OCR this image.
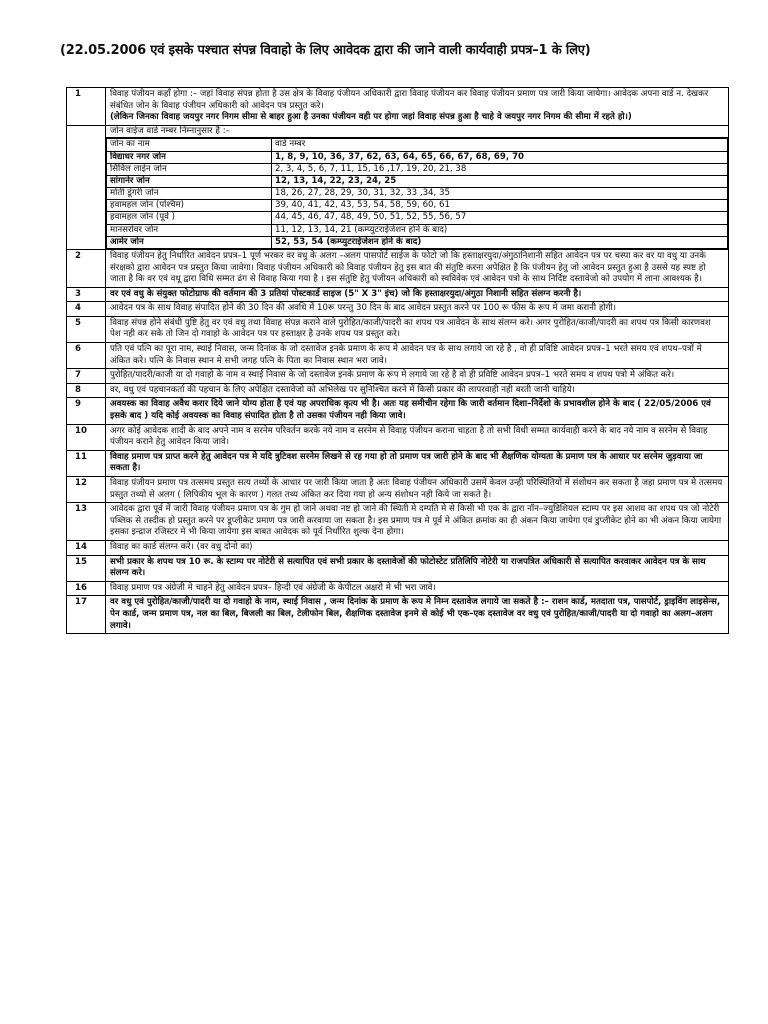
(22.05.2006 एवं इसके पश्चात संपन्न विवाहो के लिए आवेदक द्वारा की जाने वाली कार्यवाही प्रपत्र–1 के लिए)
1	विवाह पंजीयन कहाँ होगा :– जहां विवाह संपन्न होता है उस क्षेत्र के विवाह पंजीयन अधिकारी द्वारा विवाह पंजीयन कर विवाह पंजीयन प्रमाण पत्र जारी किया जायेगा। आवेदक अपना वार्ड न. देखकर संबंधित जोन के विवाह पंजीयन अधिकारी को आवेदन पत्र प्रस्तुत करे।
(लेकिन जिनका विवाह जयपुर नगर निगम सीमा से बाहर हुआ है उनका पंजीयन वही पर होगा जहां विवाह संपन्न हुआ है चाहे वे जयपुर नगर निगम की सीमा में रहते हो।)

जोन वाईज वार्ड नम्बर निम्नानुसार है :–
जोन का नाम	वार्ड नम्बर
विद्याधर नगर जोन	1, 8, 9, 10, 36, 37, 62, 63, 64, 65, 66, 67, 68, 69, 70
सिविल लाईन जोन	2, 3, 4, 5, 6, 7, 11, 15, 16 ,17, 19, 20, 21, 38
सांगानेर जोन	12, 13, 14, 22, 23, 24, 25
मोती डूंगरी जोन	18, 26, 27, 28, 29, 30, 31, 32, 33 ,34, 35
हवामहल जोन (पश्चिम)	39, 40, 41, 42, 43, 53, 54, 58, 59, 60, 61
हवामहल जोन (पूर्व )	44, 45, 46, 47, 48, 49, 50, 51, 52, 55, 56, 57
मानसरोवर जोन	11, 12, 13, 14, 21 (कम्प्युटराईजेशन होने के बाद)
आमेर जोन	52, 53, 54 (कम्प्युटराईजेशन होने के बाद)

2	विवाह पंजीयन हेतु निर्धारित आवेदन प्रपत्र–1 पूर्ण भरकर वर वधु के अलग –अलग पासपोर्ट साईज के फोटो जो कि हस्ताक्षरयुदा/अंगुठानिशानी सहित आवेदन पत्र पर चस्पा कर वर या वधु या उनके संरक्षको द्वारा आवेदन पत्र प्रस्तुत किया जावेगा। विवाह पंजीयन अधिकारी को विवाह पंजीयन हेतु इस बात की संतुष्टि करना अपेक्षित है कि पंजीयन हेतु जो आवेदन प्रस्तुत हुआ है उससे यह स्पष्ट हो जाता है कि वर एवं वधू द्वारा विधि सम्मत ढंग से विवाह किया गया है । इस संतुष्टि हेतु पंजीयन अधिकारी को स्वविवेक एवं आवेदन पत्रो के साथ निर्दिष्ट दस्तावेजो को उपयोग में लाना आवश्यक है।
3	वर एवं वधु के संयुक्त फोटोग्राफ की वर्तमान की 3 प्रतियां पोस्टकार्ड साइज (5" X 3" इंच) जो कि हस्ताक्षरयुदा/अंगुठा निशानी सहित संलग्न करनी है।
4	आवेदन पत्र के साथ विवाह संपादित होने की 30 दिन की अवधि में 10रू परन्तु 30 दिन के बाद आवेदन प्रस्तुत करने पर 100 रू फीस के रूप मे जमा करानी होगी।
5	विवाह संपन्न होने संबंधी पुष्टि हेतु वर एवं वधु तथा विवाह संपन्न कराने वाले पुरोहित/काजी/पादरी का शपथ पत्र आवेदन के साथ संलग्न करे। अगर पुरोहित/काजी/पादरी का शपथ पत्र किसी कारणवश पेश नही कर सके तो जिन दो गवाहो के आवेदन पत्र पर हस्ताक्षर है उनके शपथ पत्र प्रस्तुत करे।
6	पति एवं पत्नि का पूरा नाम, स्थाई निवास, जन्म दिनांक के जो दस्तावेज इनके प्रमाण के रूप मे आवेदन पत्र के साथ लगाये जा रहे है , वो ही प्रविष्टि आवेदन प्रपत्र–1 भरते समय एवं शपथ–पत्रों मे अंकित करे। पत्नि के निवास स्थान मे सभी जगह पत्नि के पिता का निवास स्थान भरा जावे।
7	पुरोहित/पादरी/काजी या दो गवाहो के नाम व स्थाई निवास के जो दस्तावेज इनके प्रमाण के रूप मे लगाये जा रहे है वो ही प्रविष्टि आवेदन प्रपत्र–1 भरते समय व शपथ पत्रो मे अंकित करे।
8	वर, वधु एवं पहचानकर्ता की पहचान के लिए अपेक्षित दस्तावेजो को अभिलेख पर सुनिश्चित करने में किसी प्रकार की लापरवाही नही बरती जानी चाहिये।
9	अवयस्क का विवाह अवैध करार दिये जाने योग्य होता है एवं यह अपराधिक कृत्य भी है। अतः यह समीचीन रहेगा कि जारी वर्तमान दिशा–निर्देशो के प्रभावशील होने के बाद ( 22/05/2006 एवं इसके बाद ) यदि कोई अवयस्क का विवाह संपादित होता है तो उसका पंजीयन नही किया जावे।
10	अगर कोई आवेदक शादी के बाद अपने नाम व सरनेम परिवर्तन करके नये नाम व सरनेम से विवाह पंजीयन कराना चाहता है तो सभी विधी सम्मत कार्यवाही करने के बाद नये नाम व सरनेम से विवाह पंजीयन कराने हेतु आवेदन किया जावे।
11	विवाह प्रमाण पत्र प्राप्त करने हेतु आवेदन पत्र मे यदि त्रुटिवश सरनेम लिखने से रह गया हो तो प्रमाण पत्र जारी होने के बाद भी शैक्षणिक योग्यता के प्रमाण पत्र के आधार पर सरनेम जुड़वाया जा सकता है।
12	विवाह पंजीयन प्रमाण पत्र तत्समय प्रस्तुत सत्य तथ्यों के आधार पर जारी किया जाता है अतः विवाह पंजीयन अधिकारी उसमें केवल उन्ही परिस्थितियों में संशोधन कर सकता है जहा प्रमाण पत्र मे तत्समय प्रस्तुत तथ्यो से अलग ( लिपिकीय भूल के कारण ) गलत तथ्य अंकित कर दिया गया हो अन्य संशोधन नही किये जा सकते है।
13	आवेदक द्वारा पूर्व में जारी विवाह पंजीयन प्रमाण पत्र के गुम हो जाने अथवा नष्ट हो जाने की स्थिती मे दम्पति मे से किसी भी एक के द्वारा नॉन–ज्युडिशियल स्टाम्प पर इस आशय का शपथ पत्र जो नोटेरी पब्लिक से तस्दीक हो प्रस्तुत करने पर डूप्लीकेट प्रमाण पत्र जारी करवाया जा सकता है। इस प्रमाण पत्र मे पूर्व मे अंकित क्रमांक का ही अंकन किया जायेगा एवं डुप्लीकेट होने का भी अंकन किया जायेगा इसका इन्द्राज रजिस्टर मे भी किया जायेगा इस बाबत आवेदक को पूर्व निर्धारित शुल्क देना होगा।
14	विवाह का कार्ड संलग्न करे। (वर वधु दोनो का)
15	सभी प्रकार के शपथ पत्र 10 रू. के स्टाम्प पर नोटेरी से सत्यापित एवं सभी प्रकार के दस्तावेजों की फोटोस्टेट प्रतिलिपि नोटेरी या राजपत्रित अधिकारी से सत्यापित करवाकर आवेदन पत्र के साथ संलग्न करे।
16	विवाह प्रमाण पत्र अंग्रेजी मे चाहने हेतु आवेदन प्रपत्र– हिन्दी एवं अंग्रेजी के केपीटल अक्षरो मे भी भरा जावे।
17	वर वधु एवं पुरोहित/काजी/पादरी या दो गवाहो के नाम, स्थाई निवास , जन्म दिनांक के प्रमाण के रूप मे निम्न दस्तावेज लगाये जा सकते है :– राशन कार्ड, मतदाता पत्र, पासपोर्ट, ड्राइविंग लाइसेन्स, पेन कार्ड, जन्म प्रमाण पत्र, नल का बिल, बिजली का बिल, टेलीफोन बिल, शैक्षणिक दस्तावेज इनमे से कोई भी एक–एक दस्तावेज वर वधु एवं पुरोहित/काजी/पादरी या दो गवाहो का अलग–अलग लगावे।
